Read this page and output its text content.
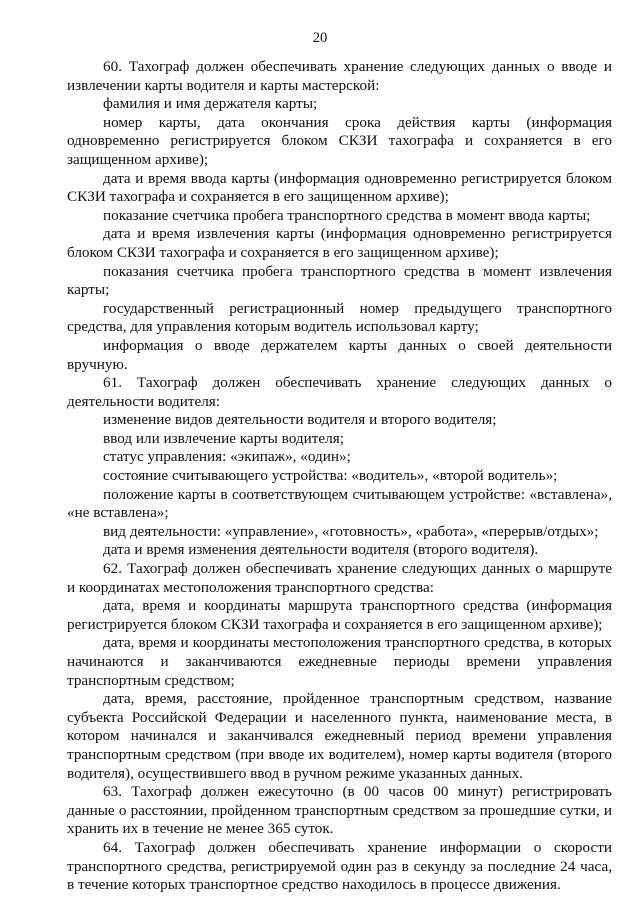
20

60. Тахограф должен обеспечивать хранение следующих данных о вводе и извлечении карты водителя и карты мастерской:

фамилия и имя держателя карты;

номер карты, дата окончания срока действия карты (информация одновременно регистрируется блоком СКЗИ тахографа и сохраняется в его защищенном архиве);

дата и время ввода карты (информация одновременно регистрируется блоком СКЗИ тахографа и сохраняется в его защищенном архиве);

показание счетчика пробега транспортного средства в момент ввода карты;

дата и время извлечения карты (информация одновременно регистрируется блоком СКЗИ тахографа и сохраняется в его защищенном архиве);

показания счетчика пробега транспортного средства в момент извлечения карты;

государственный регистрационный номер предыдущего транспортного средства, для управления которым водитель использовал карту;

информация о вводе держателем карты данных о своей деятельности вручную.

61. Тахограф должен обеспечивать хранение следующих данных о деятельности водителя:

изменение видов деятельности водителя и второго водителя;

ввод или извлечение карты водителя;

статус управления: «экипаж», «один»;

состояние считывающего устройства: «водитель», «второй водитель»;

положение карты в соответствующем считывающем устройстве: «вставлена», «не вставлена»;

вид деятельности: «управление», «готовность», «работа», «перерыв/отдых»;

дата и время изменения деятельности водителя (второго водителя).

62. Тахограф должен обеспечивать хранение следующих данных о маршруте и координатах местоположения транспортного средства:

дата, время и координаты маршрута транспортного средства (информация регистрируется блоком СКЗИ тахографа и сохраняется в его защищенном архиве);

дата, время и координаты местоположения транспортного средства, в которых начинаются и заканчиваются ежедневные периоды времени управления транспортным средством;

дата, время, расстояние, пройденное транспортным средством, название субъекта Российской Федерации и населенного пункта, наименование места, в котором начинался и заканчивался ежедневный период времени управления транспортным средством (при вводе их водителем), номер карты водителя (второго водителя), осуществившего ввод в ручном режиме указанных данных.

63. Тахограф должен ежесуточно (в 00 часов 00 минут) регистрировать данные о расстоянии, пройденном транспортным средством за прошедшие сутки, и хранить их в течение не менее 365 суток.

64. Тахограф должен обеспечивать хранение информации о скорости транспортного средства, регистрируемой один раз в секунду за последние 24 часа, в течение которых транспортное средство находилось в процессе движения.
